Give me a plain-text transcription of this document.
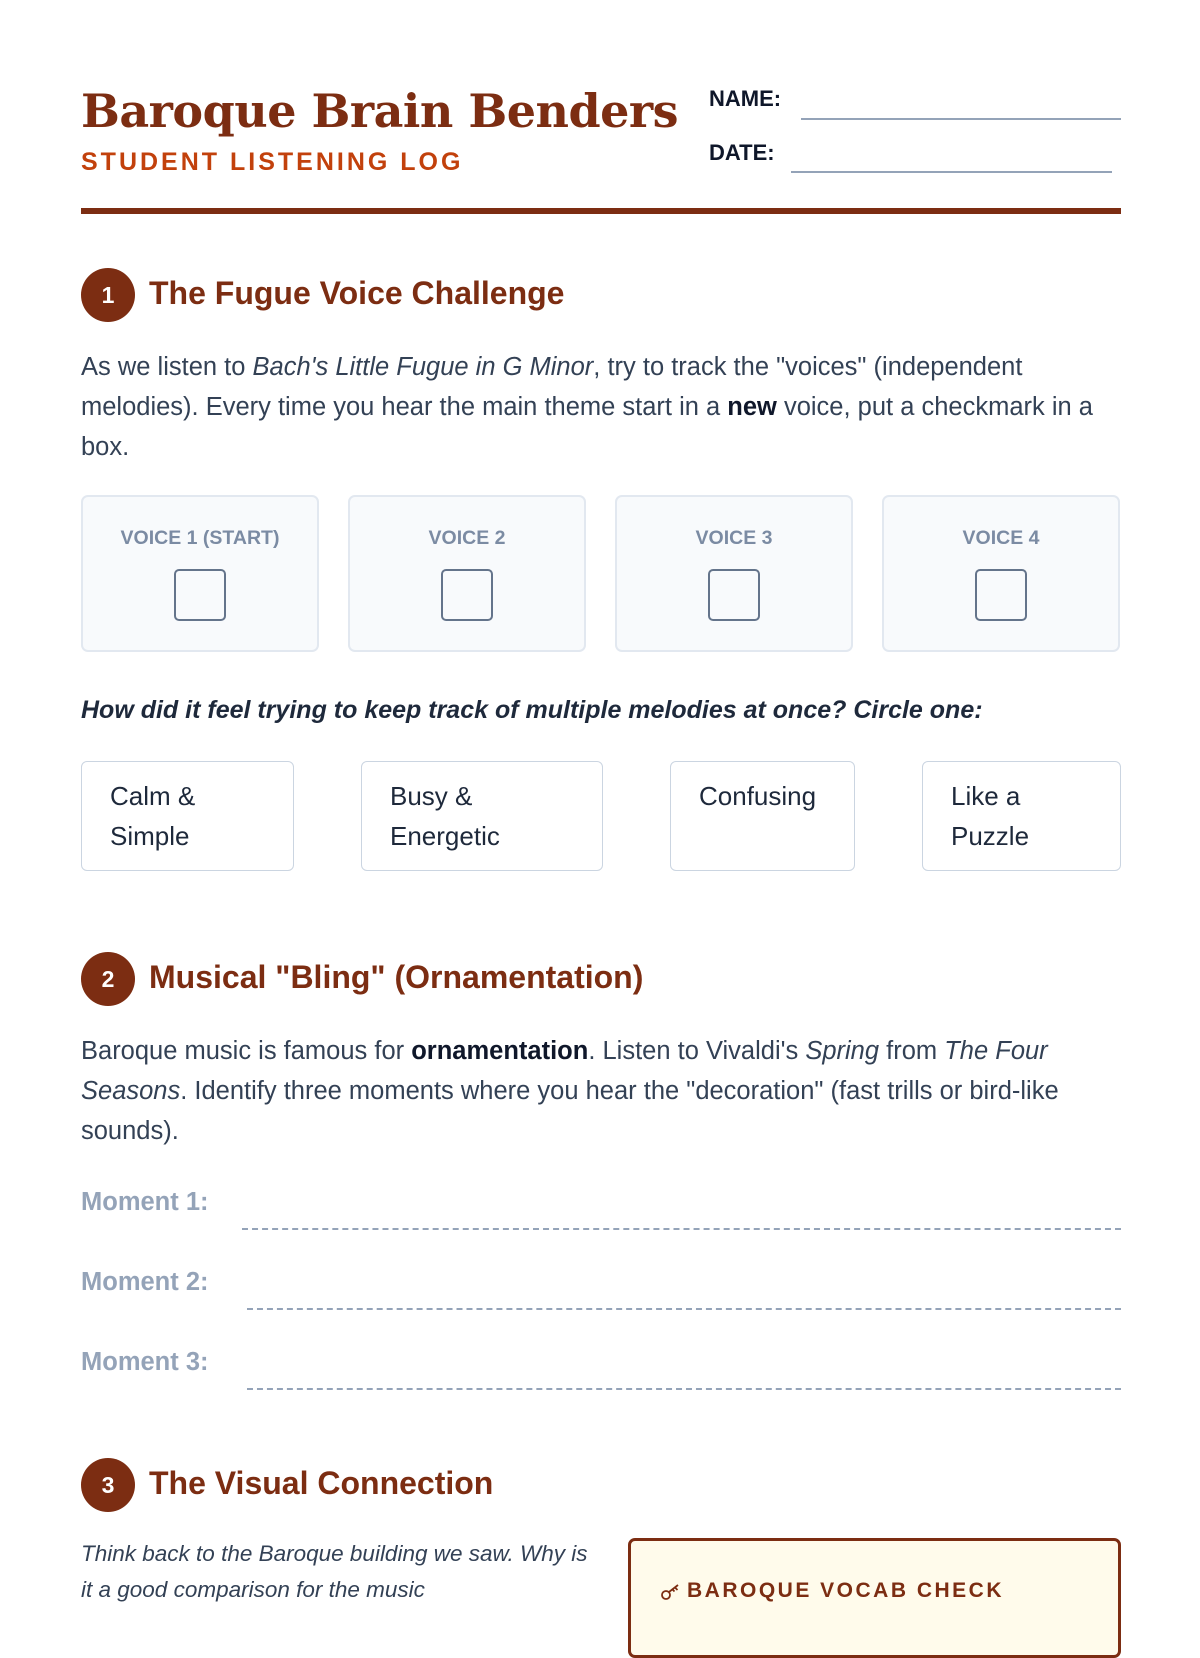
Baroque Brain Benders
STUDENT LISTENING LOG
NAME:
DATE:
1	The Fugue Voice Challenge

As we listen to Bach's Little Fugue in G Minor, try to track the "voices" (independent melodies). Every time you hear the main theme start in a new voice, put a checkmark in a box.

VOICE 1 (START)	VOICE 2	VOICE 3	VOICE 4
How did it feel trying to keep track of multiple melodies at once? Circle one:
Calm & Simple
Busy & Energetic
Confusing	Like a Puzzle
2	Musical "Bling" (Ornamentation)

Baroque music is famous for ornamentation. Listen to Vivaldi's Spring from The Four Seasons. Identify three moments where you hear the "decoration" (fast trills or bird-like sounds).

Moment 1:
Moment 2:
Moment 3:
3	The Visual Connection

Think back to the Baroque building we saw. Why is it a good comparison for the music	BAROQUE VOCAB CHECK
